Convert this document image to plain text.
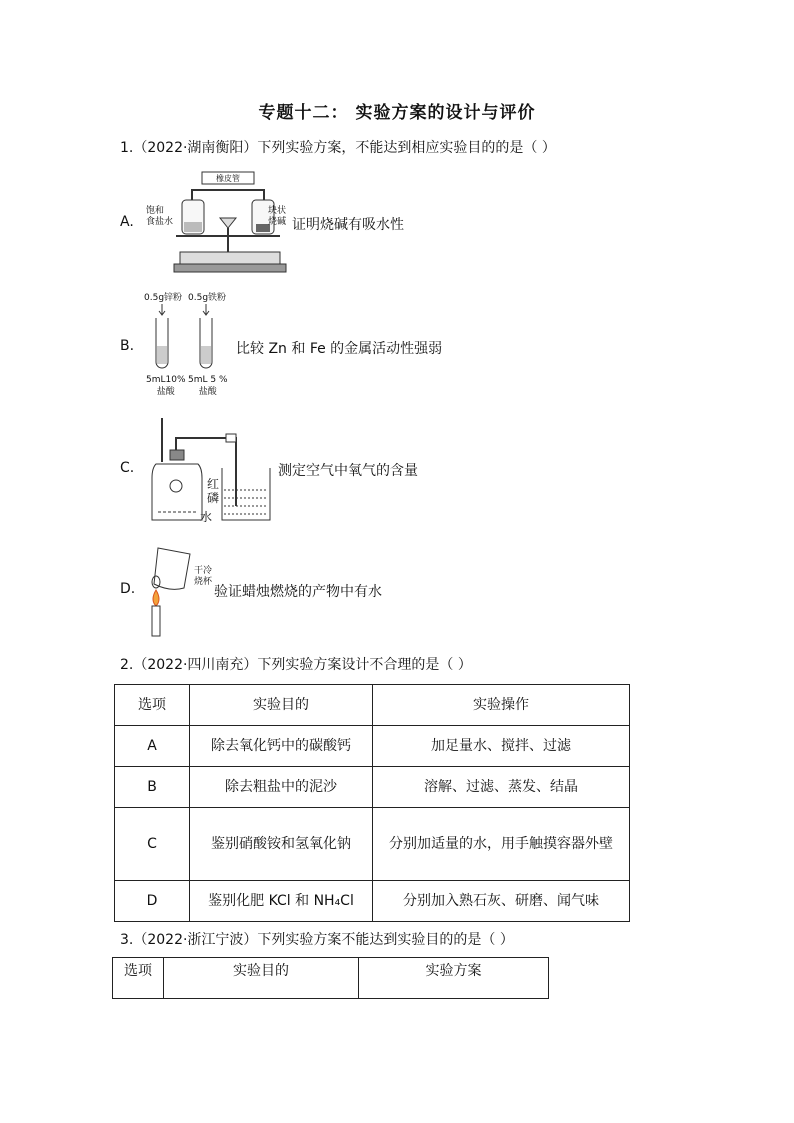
专题十二： 实验方案的设计与评价
1.（2022·湖南衡阳）下列实验方案，不能达到相应实验目的的是（ ）
A.
橡皮管
饱和
食盐水
块状
烧碱 证明烧碱有吸水性
B.
0.5g锌粉 0.5g铁粉
5mL10%
盐酸
5mL 5 %
盐酸
比较 Zn 和 Fe 的金属活动性强弱
C.
红
磷
水
测定空气中氧气的含量
D.
干冷
烧杯
验证蜡烛燃烧的产物中有水
2.（2022·四川南充）下列实验方案设计不合理的是（ ）
选项	实验目的	实验操作
A	除去氧化钙中的碳酸钙	加足量水、搅拌、过滤
B	除去粗盐中的泥沙	溶解、过滤、蒸发、结晶
C	鉴别硝酸铵和氢氧化钠	分别加适量的水，用手触摸容器外壁
D	鉴别化肥 KCl 和 NH₄Cl	分别加入熟石灰、研磨、闻气味
3.（2022·浙江宁波）下列实验方案不能达到实验目的的是（ ）
选项	实验目的	实验方案
